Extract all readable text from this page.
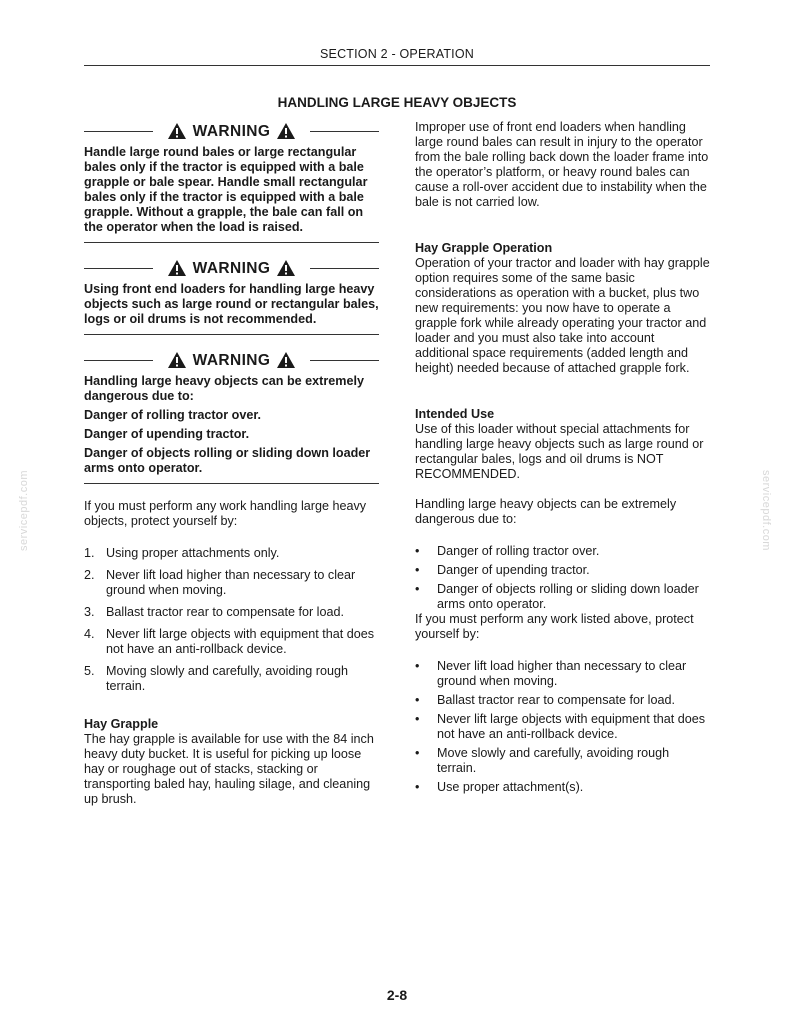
SECTION 2 - OPERATION
HANDLING LARGE HEAVY OBJECTS
WARNING

Handle large round bales or large rectangular bales only if the tractor is equipped with a bale grapple or bale spear. Handle small rectangular bales only if the tractor is equipped with a bale grapple. Without a grapple, the bale can fall on the operator when the load is raised.

WARNING

Using front end loaders for handling large heavy objects such as large round or rectangular bales, logs or oil drums is not recommended.

WARNING

Handling large heavy objects can be extremely dangerous due to:

Danger of rolling tractor over.

Danger of upending tractor.

Danger of objects rolling or sliding down loader arms onto operator.

If you must perform any work handling large heavy objects, protect yourself by:

1. Using proper attachments only.
2. Never lift load higher than necessary to clear ground when moving.
3. Ballast tractor rear to compensate for load.
4. Never lift large objects with equipment that does not have an anti-rollback device.
5. Moving slowly and carefully, avoiding rough terrain.

Hay Grapple

The hay grapple is available for use with the 84 inch heavy duty bucket. It is useful for picking up loose hay or roughage out of stacks, stacking or transporting baled hay, hauling silage, and cleaning up brush.

Improper use of front end loaders when handling large round bales can result in injury to the operator from the bale rolling back down the loader frame into the operator’s platform, or heavy round bales can cause a roll-over accident due to instability when the bale is not carried low.

Hay Grapple Operation

Operation of your tractor and loader with hay grapple option requires some of the same basic considerations as operation with a bucket, plus two new requirements: you now have to operate a grapple fork while already operating your tractor and loader and you must also take into account additional space requirements (added length and height) needed because of attached grapple fork.

Intended Use

Use of this loader without special attachments for handling large heavy objects such as large round or rectangular bales, logs and oil drums is NOT RECOMMENDED.

Handling large heavy objects can be extremely dangerous due to:

• Danger of rolling tractor over.
• Danger of upending tractor.
• Danger of objects rolling or sliding down loader arms onto operator.

If you must perform any work listed above, protect yourself by:

• Never lift load higher than necessary to clear ground when moving.
• Ballast tractor rear to compensate for load.
• Never lift large objects with equipment that does not have an anti-rollback device.
• Move slowly and carefully, avoiding rough terrain.
• Use proper attachment(s).
servicepdf.com	servicepdf.com
2-8
